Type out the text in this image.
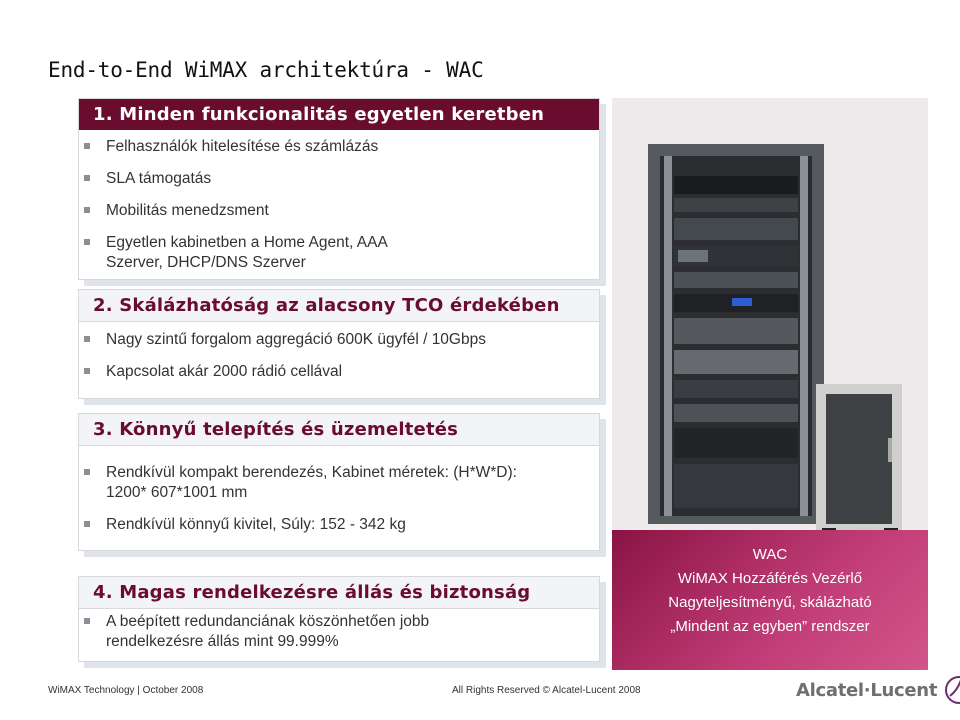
End-to-End WiMAX architektúra - WAC
1. Minden funkcionalitás egyetlen keretben
Felhasználók hitelesítése és számlázás
SLA támogatás
Mobilitás menedzsment
Egyetlen kabinetben a Home Agent, AAA Szerver, DHCP/DNS Szerver
2. Skálázhatóság az alacsony TCO érdekében
Nagy szintű forgalom aggregáció 600K ügyfél / 10Gbps
Kapcsolat akár 2000 rádió cellával
3. Könnyű telepítés és üzemeltetés
Rendkívül kompakt berendezés, Kabinet méretek: (H*W*D): 1200* 607*1001 mm
Rendkívül könnyű kivitel, Súly: 152 - 342 kg
4. Magas rendelkezésre állás és biztonság
A beépített redundanciának köszönhetően jobb rendelkezésre állás mint 99.999%
WAC
WiMAX Hozzáférés Vezérlő
Nagyteljesítményű, skálázható
„Mindent az egyben” rendszer
WiMAX Technology | October 2008	All Rights Reserved © Alcatel-Lucent 2008	Alcatel·Lucent
